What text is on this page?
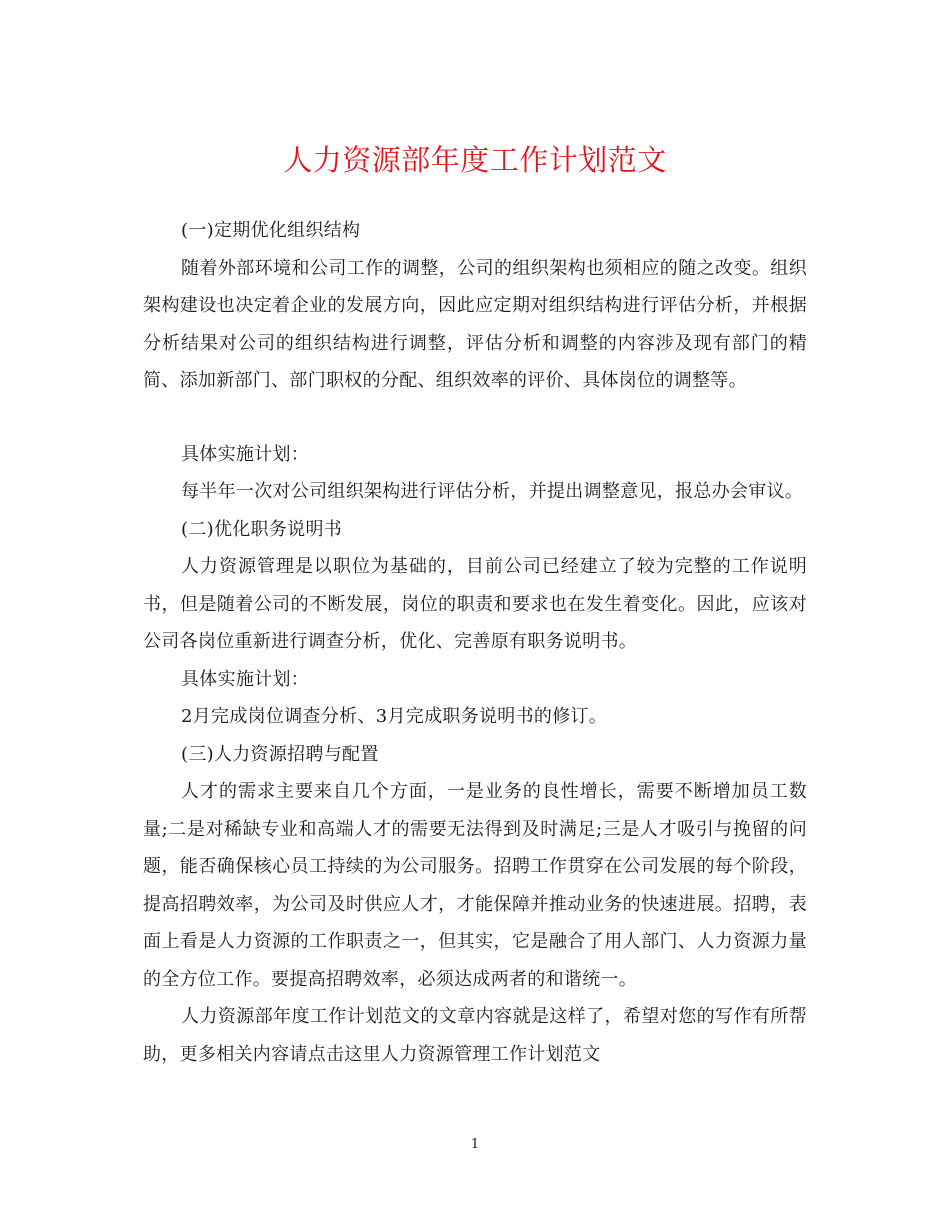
人力资源部年度工作计划范文

(一)定期优化组织结构

随着外部环境和公司工作的调整，公司的组织架构也须相应的随之改变。组织架构建设也决定着企业的发展方向，因此应定期对组织结构进行评估分析，并根据分析结果对公司的组织结构进行调整，评估分析和调整的内容涉及现有部门的精简、添加新部门、部门职权的分配、组织效率的评价、具体岗位的调整等。

具体实施计划：

每半年一次对公司组织架构进行评估分析，并提出调整意见，报总办会审议。

(二)优化职务说明书

人力资源管理是以职位为基础的，目前公司已经建立了较为完整的工作说明书，但是随着公司的不断发展，岗位的职责和要求也在发生着变化。因此，应该对公司各岗位重新进行调查分析，优化、完善原有职务说明书。

具体实施计划：

2月完成岗位调查分析、3月完成职务说明书的修订。

(三)人力资源招聘与配置

人才的需求主要来自几个方面，一是业务的良性增长，需要不断增加员工数量;二是对稀缺专业和高端人才的需要无法得到及时满足;三是人才吸引与挽留的问题，能否确保核心员工持续的为公司服务。招聘工作贯穿在公司发展的每个阶段，提高招聘效率，为公司及时供应人才，才能保障并推动业务的快速进展。招聘，表面上看是人力资源的工作职责之一，但其实，它是融合了用人部门、人力资源力量的全方位工作。要提高招聘效率，必须达成两者的和谐统一。

人力资源部年度工作计划范文的文章内容就是这样了，希望对您的写作有所帮助，更多相关内容请点击这里人力资源管理工作计划范文

1
